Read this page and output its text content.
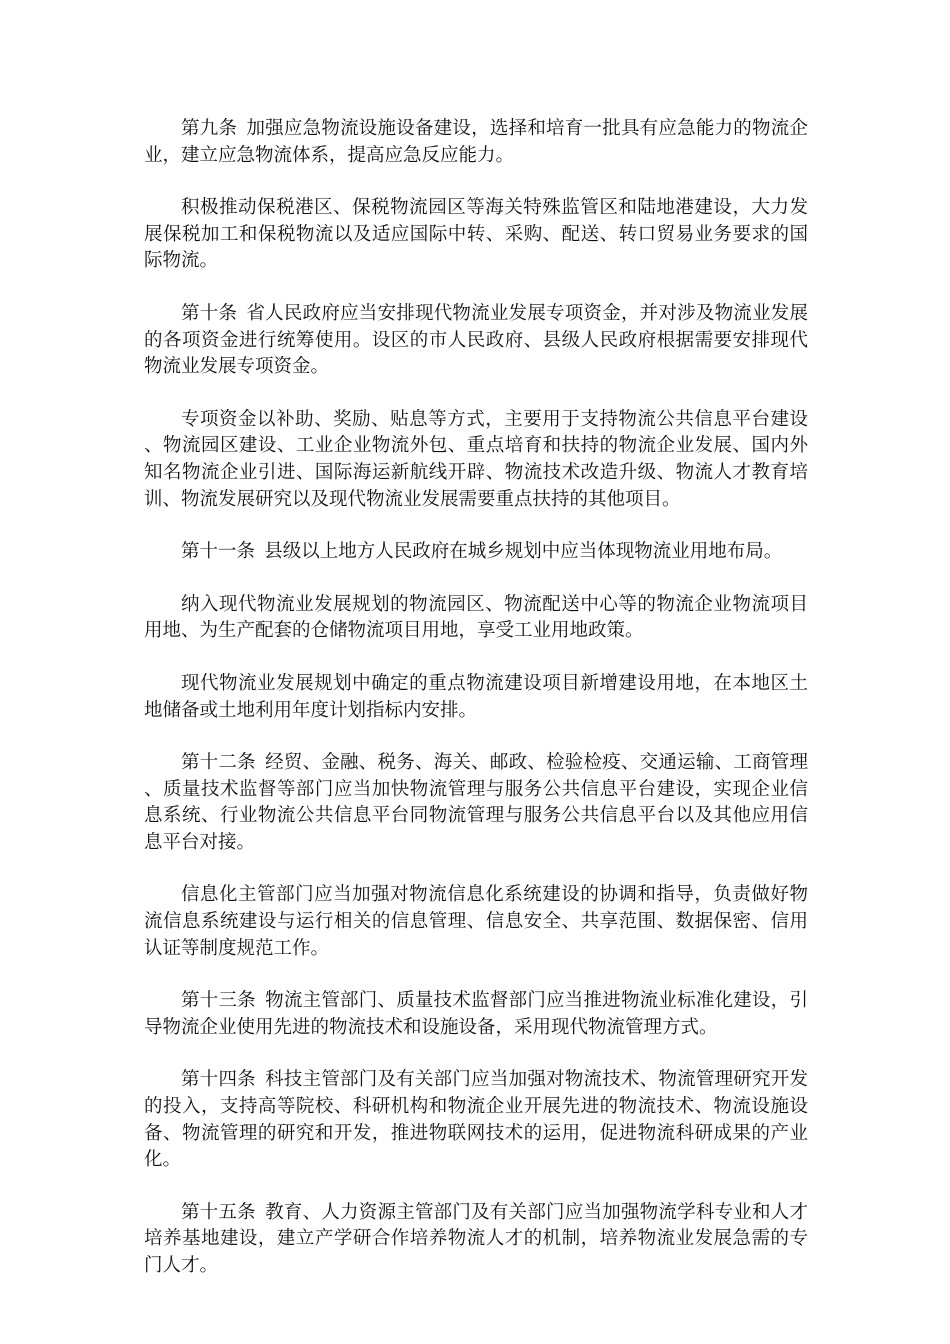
第九条 加强应急物流设施设备建设，选择和培育一批具有应急能力的物流企业，建立应急物流体系，提高应急反应能力。

积极推动保税港区、保税物流园区等海关特殊监管区和陆地港建设，大力发展保税加工和保税物流以及适应国际中转、采购、配送、转口贸易业务要求的国际物流。

第十条 省人民政府应当安排现代物流业发展专项资金，并对涉及物流业发展的各项资金进行统筹使用。设区的市人民政府、县级人民政府根据需要安排现代物流业发展专项资金。

专项资金以补助、奖励、贴息等方式，主要用于支持物流公共信息平台建设、物流园区建设、工业企业物流外包、重点培育和扶持的物流企业发展、国内外知名物流企业引进、国际海运新航线开辟、物流技术改造升级、物流人才教育培训、物流发展研究以及现代物流业发展需要重点扶持的其他项目。

第十一条 县级以上地方人民政府在城乡规划中应当体现物流业用地布局。

纳入现代物流业发展规划的物流园区、物流配送中心等的物流企业物流项目用地、为生产配套的仓储物流项目用地，享受工业用地政策。

现代物流业发展规划中确定的重点物流建设项目新增建设用地，在本地区土地储备或土地利用年度计划指标内安排。

第十二条 经贸、金融、税务、海关、邮政、检验检疫、交通运输、工商管理、质量技术监督等部门应当加快物流管理与服务公共信息平台建设，实现企业信息系统、行业物流公共信息平台同物流管理与服务公共信息平台以及其他应用信息平台对接。

信息化主管部门应当加强对物流信息化系统建设的协调和指导，负责做好物流信息系统建设与运行相关的信息管理、信息安全、共享范围、数据保密、信用认证等制度规范工作。

第十三条 物流主管部门、质量技术监督部门应当推进物流业标准化建设，引导物流企业使用先进的物流技术和设施设备，采用现代物流管理方式。

第十四条 科技主管部门及有关部门应当加强对物流技术、物流管理研究开发的投入，支持高等院校、科研机构和物流企业开展先进的物流技术、物流设施设备、物流管理的研究和开发，推进物联网技术的运用，促进物流科研成果的产业化。

第十五条 教育、人力资源主管部门及有关部门应当加强物流学科专业和人才培养基地建设，建立产学研合作培养物流人才的机制，培养物流业发展急需的专门人才。
